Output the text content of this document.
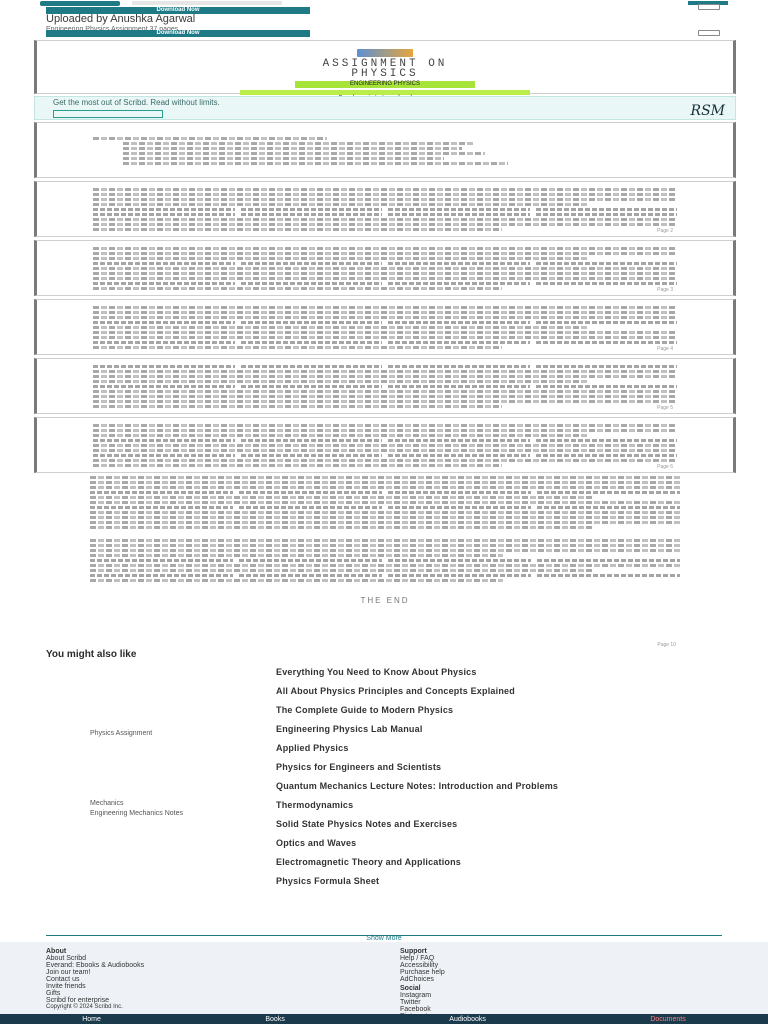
Download Now
Uploaded by Anushka Agarwal
Download Now
ASSIGNMENT ON
PHYSICS
ENGINEERING PHYSICS
Get the most out of Scribd. Read without limits.
RSM

Page 2
Page 3
Page 4
Page 5
Page 6
THE END
Page 10
You might also like
Physics Assignment
Mechanics
Engineering Mechanics Notes
Everything You Need to Know About Physics
All About Physics Principles and Concepts Explained
The Complete Guide to Modern Physics
Engineering Physics Lab Manual
Applied Physics
Physics for Engineers and Scientists
Quantum Mechanics Lecture Notes: Introduction and Problems
Thermodynamics
Solid State Physics Notes and Exercises
Optics and Waves
Electromagnetic Theory and Applications
Physics Formula Sheet
Show More
About
About Scribd
Everand: Ebooks & Audiobooks
Join our team!
Contact us
Invite friends
Gifts
Scribd for enterprise
Support
Help / FAQ
Accessibility
Purchase help
AdChoices
Social
Instagram
Twitter
Facebook
Copyright © 2024 Scribd Inc.
Home	Books	Audiobooks	Documents
